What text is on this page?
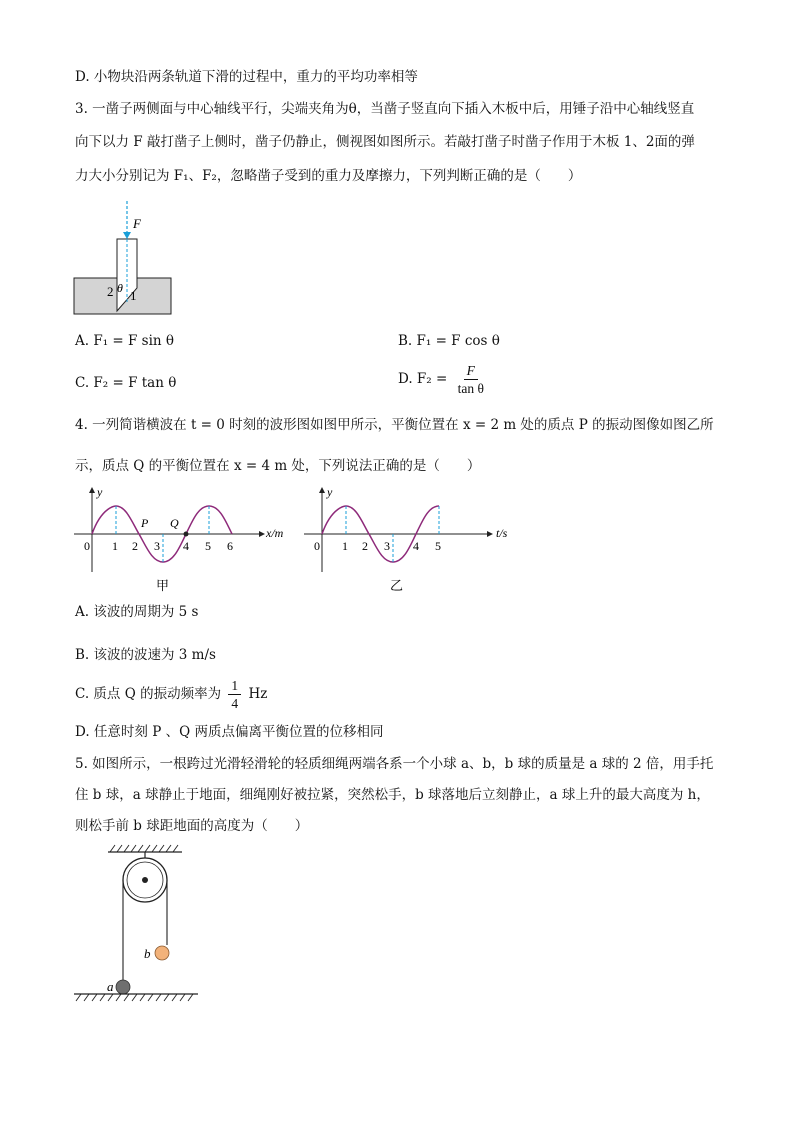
D. 小物块沿两条轨道下滑的过程中，重力的平均功率相等
3. 一凿子两侧面与中心轴线平行，尖端夹角为θ，当凿子竖直向下插入木板中后，用锤子沿中心轴线竖直
向下以力 F 敲打凿子上侧时，凿子仍静止，侧视图如图所示。若敲打凿子时凿子作用于木板 1、2面的弹
力大小分别记为 F₁、F₂，忽略凿子受到的重力及摩擦力，下列判断正确的是（　　）
F
2 θ 1
A. F₁ = F sin θ	B. F₁ = F cos θ
C. F₂ = F tan θ	D. $F_2 = \frac{F}{\text{tan θ}}$
4. 一列简谐横波在 t = 0 时刻的波形图如图甲所示，平衡位置在 x = 2 m 处的质点 P 的振动图像如图乙所
示，质点 Q 的平衡位置在 x = 4 m 处，下列说法正确的是（　　）
y
x/m
0
P Q
1 2 3 4 5 6
甲
y
t/s
0 1 2 3 4 5
乙
A. 该波的周期为 5 s
B. 该波的波速为 3 m/s
C. 质点 Q 的振动频率为 $\frac{1}{4}$ Hz
D. 任意时刻 P 、Q 两质点偏离平衡位置的位移相同
5. 如图所示，一根跨过光滑轻滑轮的轻质细绳两端各系一个小球 a、b，b 球的质量是 a 球的 2 倍，用手托
住 b 球，a 球静止于地面，细绳刚好被拉紧，突然松手，b 球落地后立刻静止，a 球上升的最大高度为 h，
则松手前 b 球距地面的高度为（　　）
b
a
